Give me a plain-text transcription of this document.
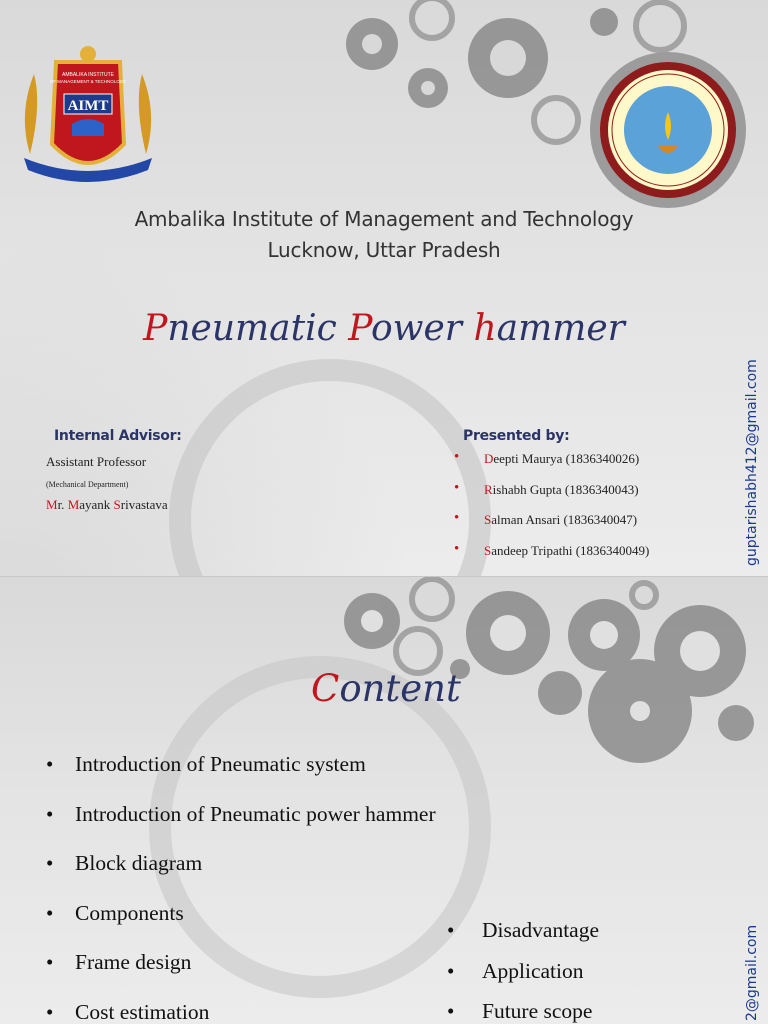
AIMT
AMBALIKA INSTITUTE
OF MANAGEMENT & TECHNOLOGY
Ambalika Institute of Management and Technology
Lucknow, Uttar Pradesh
Pneumatic Power hammer
Internal Advisor:
Assistant Professor
(Mechanical Department)
Mr. Mayank Srivastava
Presented by:
• Deepti Maurya (1836340026)
• Rishabh Gupta (1836340043)
• Salman Ansari (1836340047)
• Sandeep Tripathi (1836340049)	guptarishabh412@gmail.com
Content
• Introduction of Pneumatic system
• Introduction of Pneumatic power hammer
• Block diagram
• Components
• Frame design
• Cost estimation
• Disadvantage
• Application
• Future scope	2@gmail.com
